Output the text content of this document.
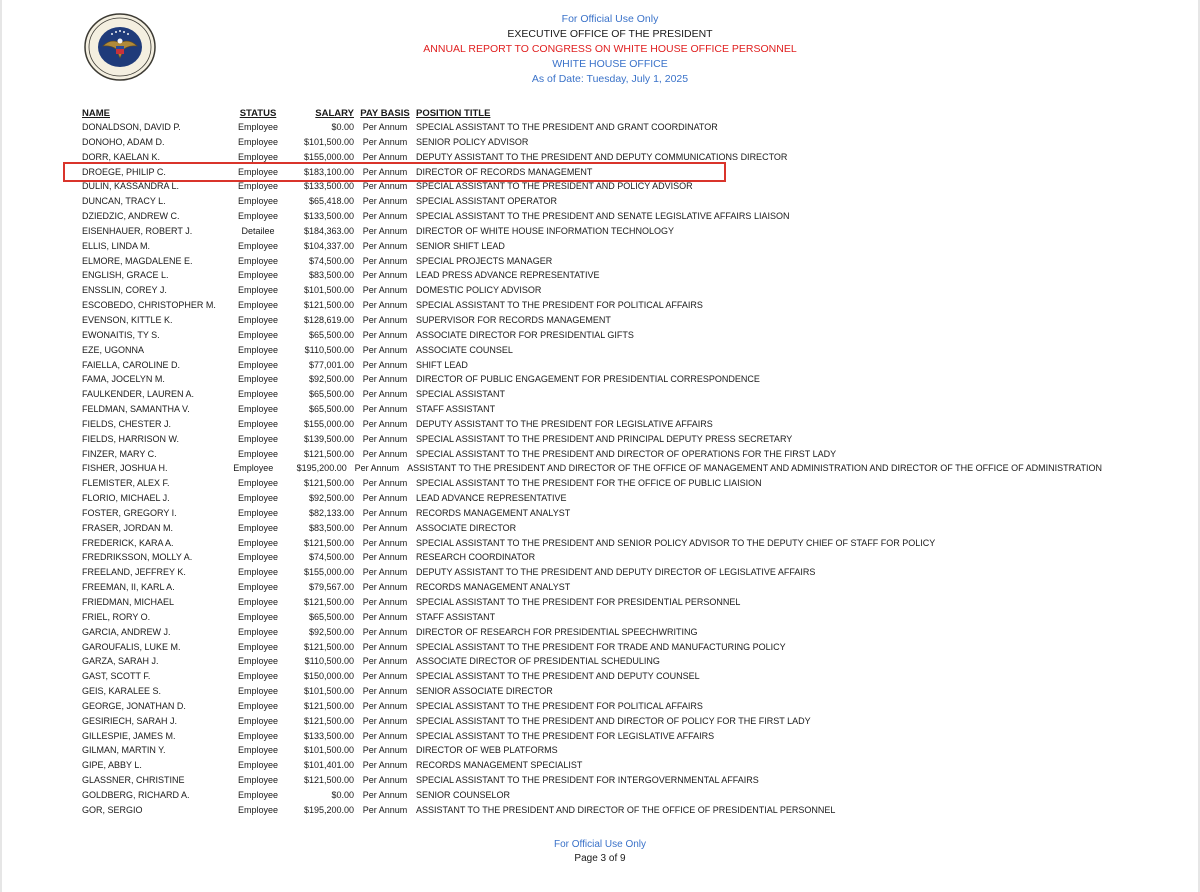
For Official Use Only
EXECUTIVE OFFICE OF THE PRESIDENT
ANNUAL REPORT TO CONGRESS ON WHITE HOUSE OFFICE PERSONNEL
WHITE HOUSE OFFICE
As of Date: Tuesday, July 1, 2025
NAME	STATUS	SALARY PAY BASIS POSITION TITLE
DONALDSON, DAVID P.	Employee	$0.00 Per Annum SPECIAL ASSISTANT TO THE PRESIDENT AND GRANT COORDINATOR
DONOHO, ADAM D.	Employee	$101,500.00 Per Annum SENIOR POLICY ADVISOR
DORR, KAELAN K.	Employee	$155,000.00 Per Annum DEPUTY ASSISTANT TO THE PRESIDENT AND DEPUTY COMMUNICATIONS DIRECTOR
DROEGE, PHILIP C.	Employee	$183,100.00 Per Annum DIRECTOR OF RECORDS MANAGEMENT
DULIN, KASSANDRA L.	Employee	$133,500.00 Per Annum SPECIAL ASSISTANT TO THE PRESIDENT AND POLICY ADVISOR
DUNCAN, TRACY L.	Employee	$65,418.00 Per Annum SPECIAL ASSISTANT OPERATOR
DZIEDZIC, ANDREW C.	Employee	$133,500.00 Per Annum SPECIAL ASSISTANT TO THE PRESIDENT AND SENATE LEGISLATIVE AFFAIRS LIAISON
EISENHAUER, ROBERT J.	Detailee	$184,363.00 Per Annum DIRECTOR OF WHITE HOUSE INFORMATION TECHNOLOGY
ELLIS, LINDA M.	Employee	$104,337.00 Per Annum SENIOR SHIFT LEAD
ELMORE, MAGDALENE E.	Employee	$74,500.00 Per Annum SPECIAL PROJECTS MANAGER
ENGLISH, GRACE L.	Employee	$83,500.00 Per Annum LEAD PRESS ADVANCE REPRESENTATIVE
ENSSLIN, COREY J.	Employee	$101,500.00 Per Annum DOMESTIC POLICY ADVISOR
ESCOBEDO, CHRISTOPHER M.	Employee	$121,500.00 Per Annum SPECIAL ASSISTANT TO THE PRESIDENT FOR POLITICAL AFFAIRS
EVENSON, KITTLE K.	Employee	$128,619.00 Per Annum SUPERVISOR FOR RECORDS MANAGEMENT
EWONAITIS, TY S.	Employee	$65,500.00 Per Annum ASSOCIATE DIRECTOR FOR PRESIDENTIAL GIFTS
EZE, UGONNA	Employee	$110,500.00 Per Annum ASSOCIATE COUNSEL
FAIELLA, CAROLINE D.	Employee	$77,001.00 Per Annum SHIFT LEAD
FAMA, JOCELYN M.	Employee	$92,500.00 Per Annum DIRECTOR OF PUBLIC ENGAGEMENT FOR PRESIDENTIAL CORRESPONDENCE
FAULKENDER, LAUREN A.	Employee	$65,500.00 Per Annum SPECIAL ASSISTANT
FELDMAN, SAMANTHA V.	Employee	$65,500.00 Per Annum STAFF ASSISTANT
FIELDS, CHESTER J.	Employee	$155,000.00 Per Annum DEPUTY ASSISTANT TO THE PRESIDENT FOR LEGISLATIVE AFFAIRS
FIELDS, HARRISON W.	Employee	$139,500.00 Per Annum SPECIAL ASSISTANT TO THE PRESIDENT AND PRINCIPAL DEPUTY PRESS SECRETARY
FINZER, MARY C.	Employee	$121,500.00 Per Annum SPECIAL ASSISTANT TO THE PRESIDENT AND DIRECTOR OF OPERATIONS FOR THE FIRST LADY
FISHER, JOSHUA H.	Employee	$195,200.00 Per Annum ASSISTANT TO THE PRESIDENT AND DIRECTOR OF THE OFFICE OF MANAGEMENT AND ADMINISTRATION AND DIRECTOR OF THE OFFICE OF ADMINISTRATION
FLEMISTER, ALEX F.	Employee	$121,500.00 Per Annum SPECIAL ASSISTANT TO THE PRESIDENT FOR THE OFFICE OF PUBLIC LIAISION
FLORIO, MICHAEL J.	Employee	$92,500.00 Per Annum LEAD ADVANCE REPRESENTATIVE
FOSTER, GREGORY I.	Employee	$82,133.00 Per Annum RECORDS MANAGEMENT ANALYST
FRASER, JORDAN M.	Employee	$83,500.00 Per Annum ASSOCIATE DIRECTOR
FREDERICK, KARA A.	Employee	$121,500.00 Per Annum SPECIAL ASSISTANT TO THE PRESIDENT AND SENIOR POLICY ADVISOR TO THE DEPUTY CHIEF OF STAFF FOR POLICY
FREDRIKSSON, MOLLY A.	Employee	$74,500.00 Per Annum RESEARCH COORDINATOR
FREELAND, JEFFREY K.	Employee	$155,000.00 Per Annum DEPUTY ASSISTANT TO THE PRESIDENT AND DEPUTY DIRECTOR OF LEGISLATIVE AFFAIRS
FREEMAN, II, KARL A.	Employee	$79,567.00 Per Annum RECORDS MANAGEMENT ANALYST
FRIEDMAN, MICHAEL	Employee	$121,500.00 Per Annum SPECIAL ASSISTANT TO THE PRESIDENT FOR PRESIDENTIAL PERSONNEL
FRIEL, RORY O.	Employee	$65,500.00 Per Annum STAFF ASSISTANT
GARCIA, ANDREW J.	Employee	$92,500.00 Per Annum DIRECTOR OF RESEARCH FOR PRESIDENTIAL SPEECHWRITING
GAROUFALIS, LUKE M.	Employee	$121,500.00 Per Annum SPECIAL ASSISTANT TO THE PRESIDENT FOR TRADE AND MANUFACTURING POLICY
GARZA, SARAH J.	Employee	$110,500.00 Per Annum ASSOCIATE DIRECTOR OF PRESIDENTIAL SCHEDULING
GAST, SCOTT F.	Employee	$150,000.00 Per Annum SPECIAL ASSISTANT TO THE PRESIDENT AND DEPUTY COUNSEL
GEIS, KARALEE S.	Employee	$101,500.00 Per Annum SENIOR ASSOCIATE DIRECTOR
GEORGE, JONATHAN D.	Employee	$121,500.00 Per Annum SPECIAL ASSISTANT TO THE PRESIDENT FOR POLITICAL AFFAIRS
GESIRIECH, SARAH J.	Employee	$121,500.00 Per Annum SPECIAL ASSISTANT TO THE PRESIDENT AND DIRECTOR OF POLICY FOR THE FIRST LADY
GILLESPIE, JAMES M.	Employee	$133,500.00 Per Annum SPECIAL ASSISTANT TO THE PRESIDENT FOR LEGISLATIVE AFFAIRS
GILMAN, MARTIN Y.	Employee	$101,500.00 Per Annum DIRECTOR OF WEB PLATFORMS
GIPE, ABBY L.	Employee	$101,401.00 Per Annum RECORDS MANAGEMENT SPECIALIST
GLASSNER, CHRISTINE	Employee	$121,500.00 Per Annum SPECIAL ASSISTANT TO THE PRESIDENT FOR INTERGOVERNMENTAL AFFAIRS
GOLDBERG, RICHARD A.	Employee	$0.00 Per Annum SENIOR COUNSELOR
GOR, SERGIO	Employee	$195,200.00 Per Annum ASSISTANT TO THE PRESIDENT AND DIRECTOR OF THE OFFICE OF PRESIDENTIAL PERSONNEL
For Official Use Only
Page 3 of 9
